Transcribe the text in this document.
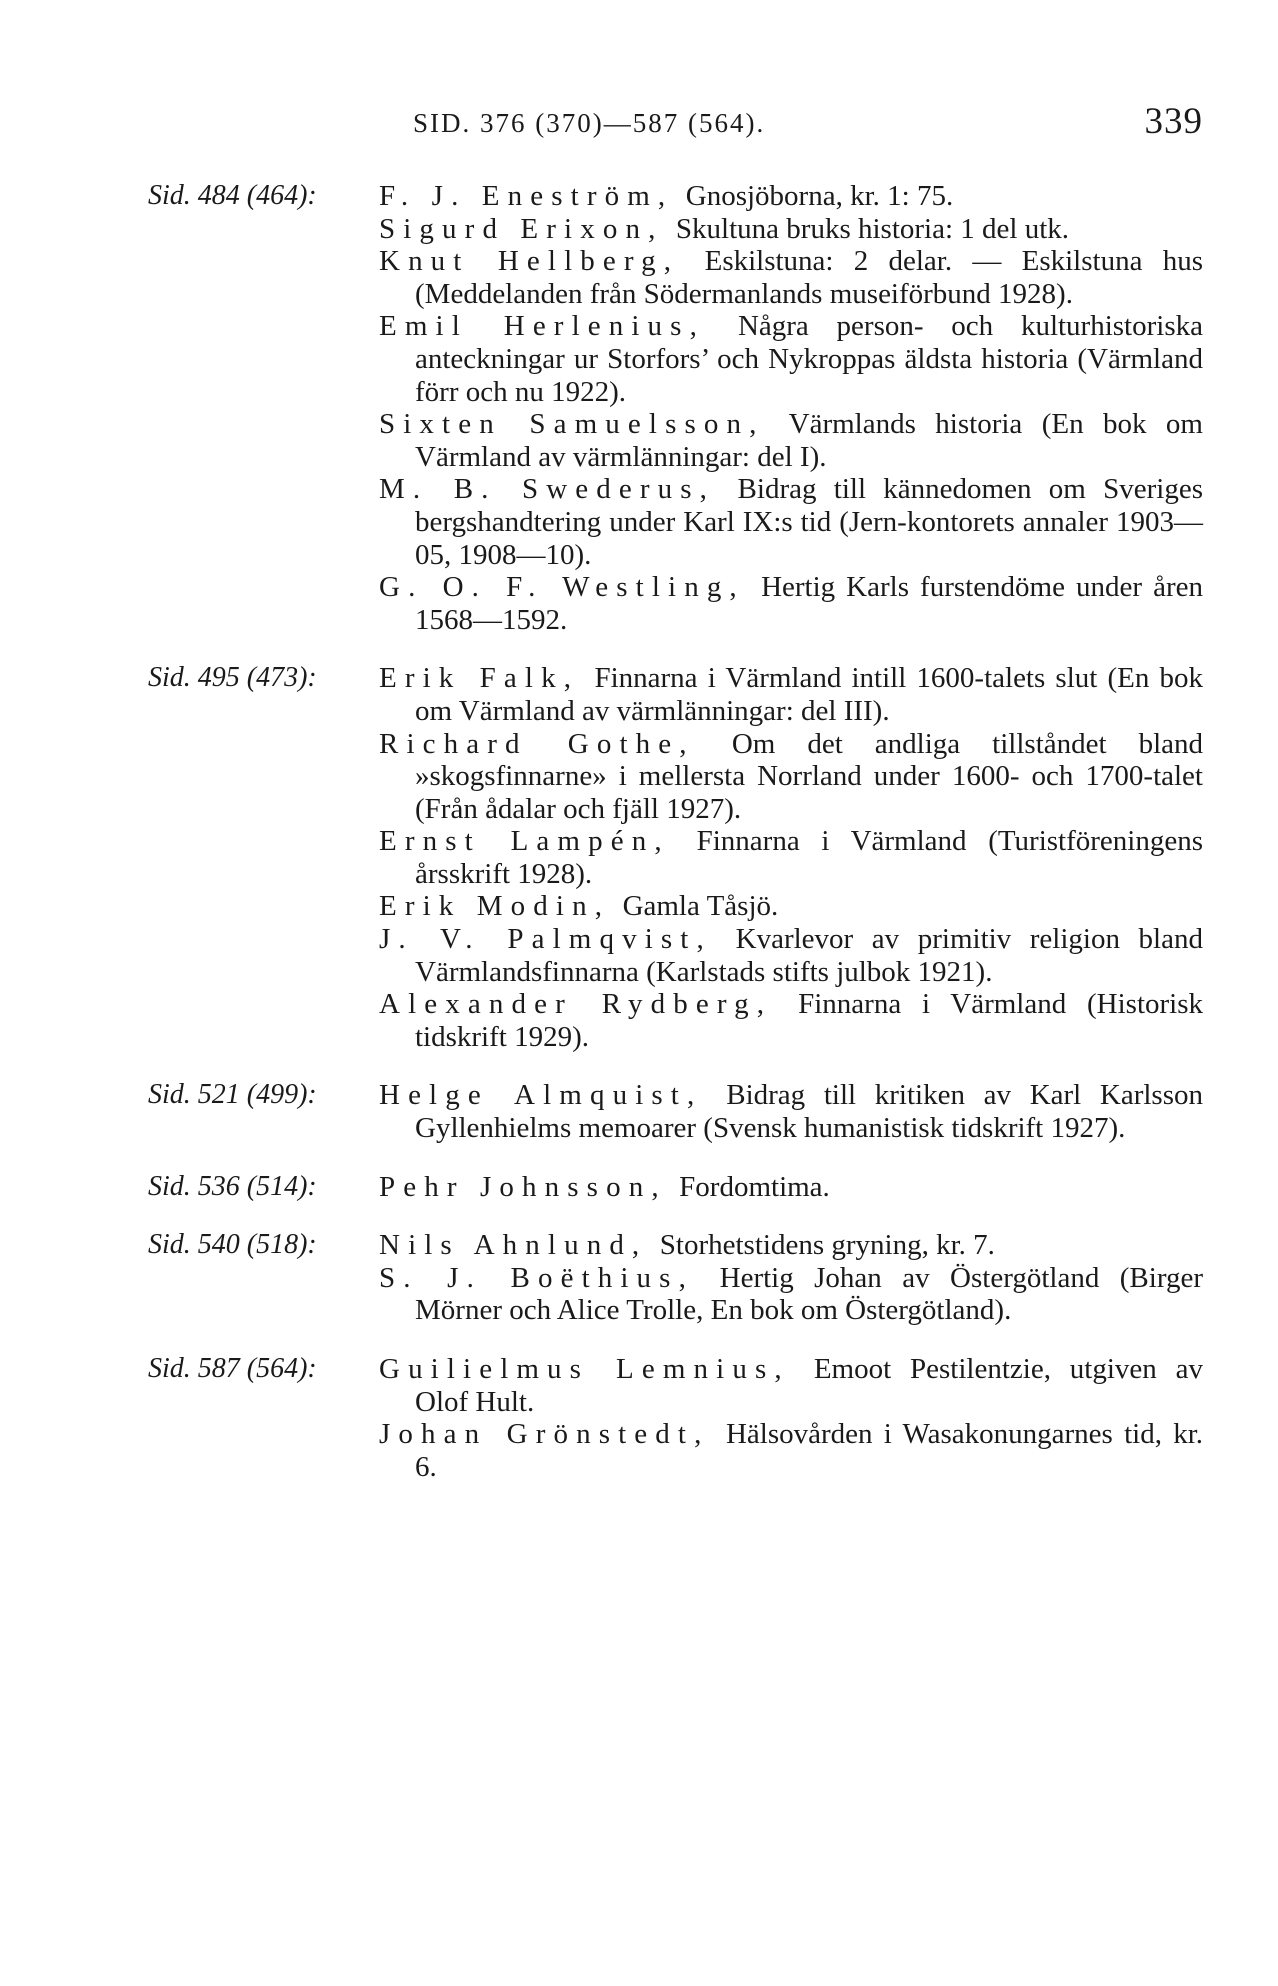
SID. 376 (370)—587 (564).	339
Sid. 484 (464): F. J. Eneström, Gnosjöborna, kr. 1: 75.

Sigurd Erixon, Skultuna bruks historia: 1 del utk.

Knut Hellberg, Eskilstuna: 2 delar. — Eskilstuna hus (Meddelanden från Södermanlands museiförbund 1928).

Emil Herlenius, Några person- och kulturhistoriska anteckningar ur Storfors’ och Nykroppas äldsta historia (Värmland förr och nu 1922).

Sixten Samuelsson, Värmlands historia (En bok om Värmland av värmlänningar: del I).

M. B. Swederus, Bidrag till kännedomen om Sveriges bergshandtering under Karl IX:s tid (Jern-kontorets annaler 1903—05, 1908—10).

G. O. F. Westling, Hertig Karls furstendöme under åren 1568—1592.

Sid. 495 (473): Erik Falk, Finnarna i Värmland intill 1600-talets slut (En bok om Värmland av värmlänningar: del III).

Richard Gothe, Om det andliga tillståndet bland »skogsfinnarne» i mellersta Norrland under 1600- och 1700-talet (Från ådalar och fjäll 1927).

Ernst Lampén, Finnarna i Värmland (Turistföreningens årsskrift 1928).

Erik Modin, Gamla Tåsjö.

J. V. Palmqvist, Kvarlevor av primitiv religion bland Värmlandsfinnarna (Karlstads stifts julbok 1921).

Alexander Rydberg, Finnarna i Värmland (Historisk tidskrift 1929).

Sid. 521 (499): Helge Almquist, Bidrag till kritiken av Karl Karlsson Gyllenhielms memoarer (Svensk humanistisk tidskrift 1927).

Sid. 536 (514): Pehr Johnsson, Fordomtima.

Sid. 540 (518): Nils Ahnlund, Storhetstidens gryning, kr. 7.

S. J. Boëthius, Hertig Johan av Östergötland (Birger Mörner och Alice Trolle, En bok om Östergötland).

Sid. 587 (564): Guilielmus Lemnius, Emoot Pestilentzie, utgiven av Olof Hult.

Johan Grönstedt, Hälsovården i Wasakonungarnes tid, kr. 6.
